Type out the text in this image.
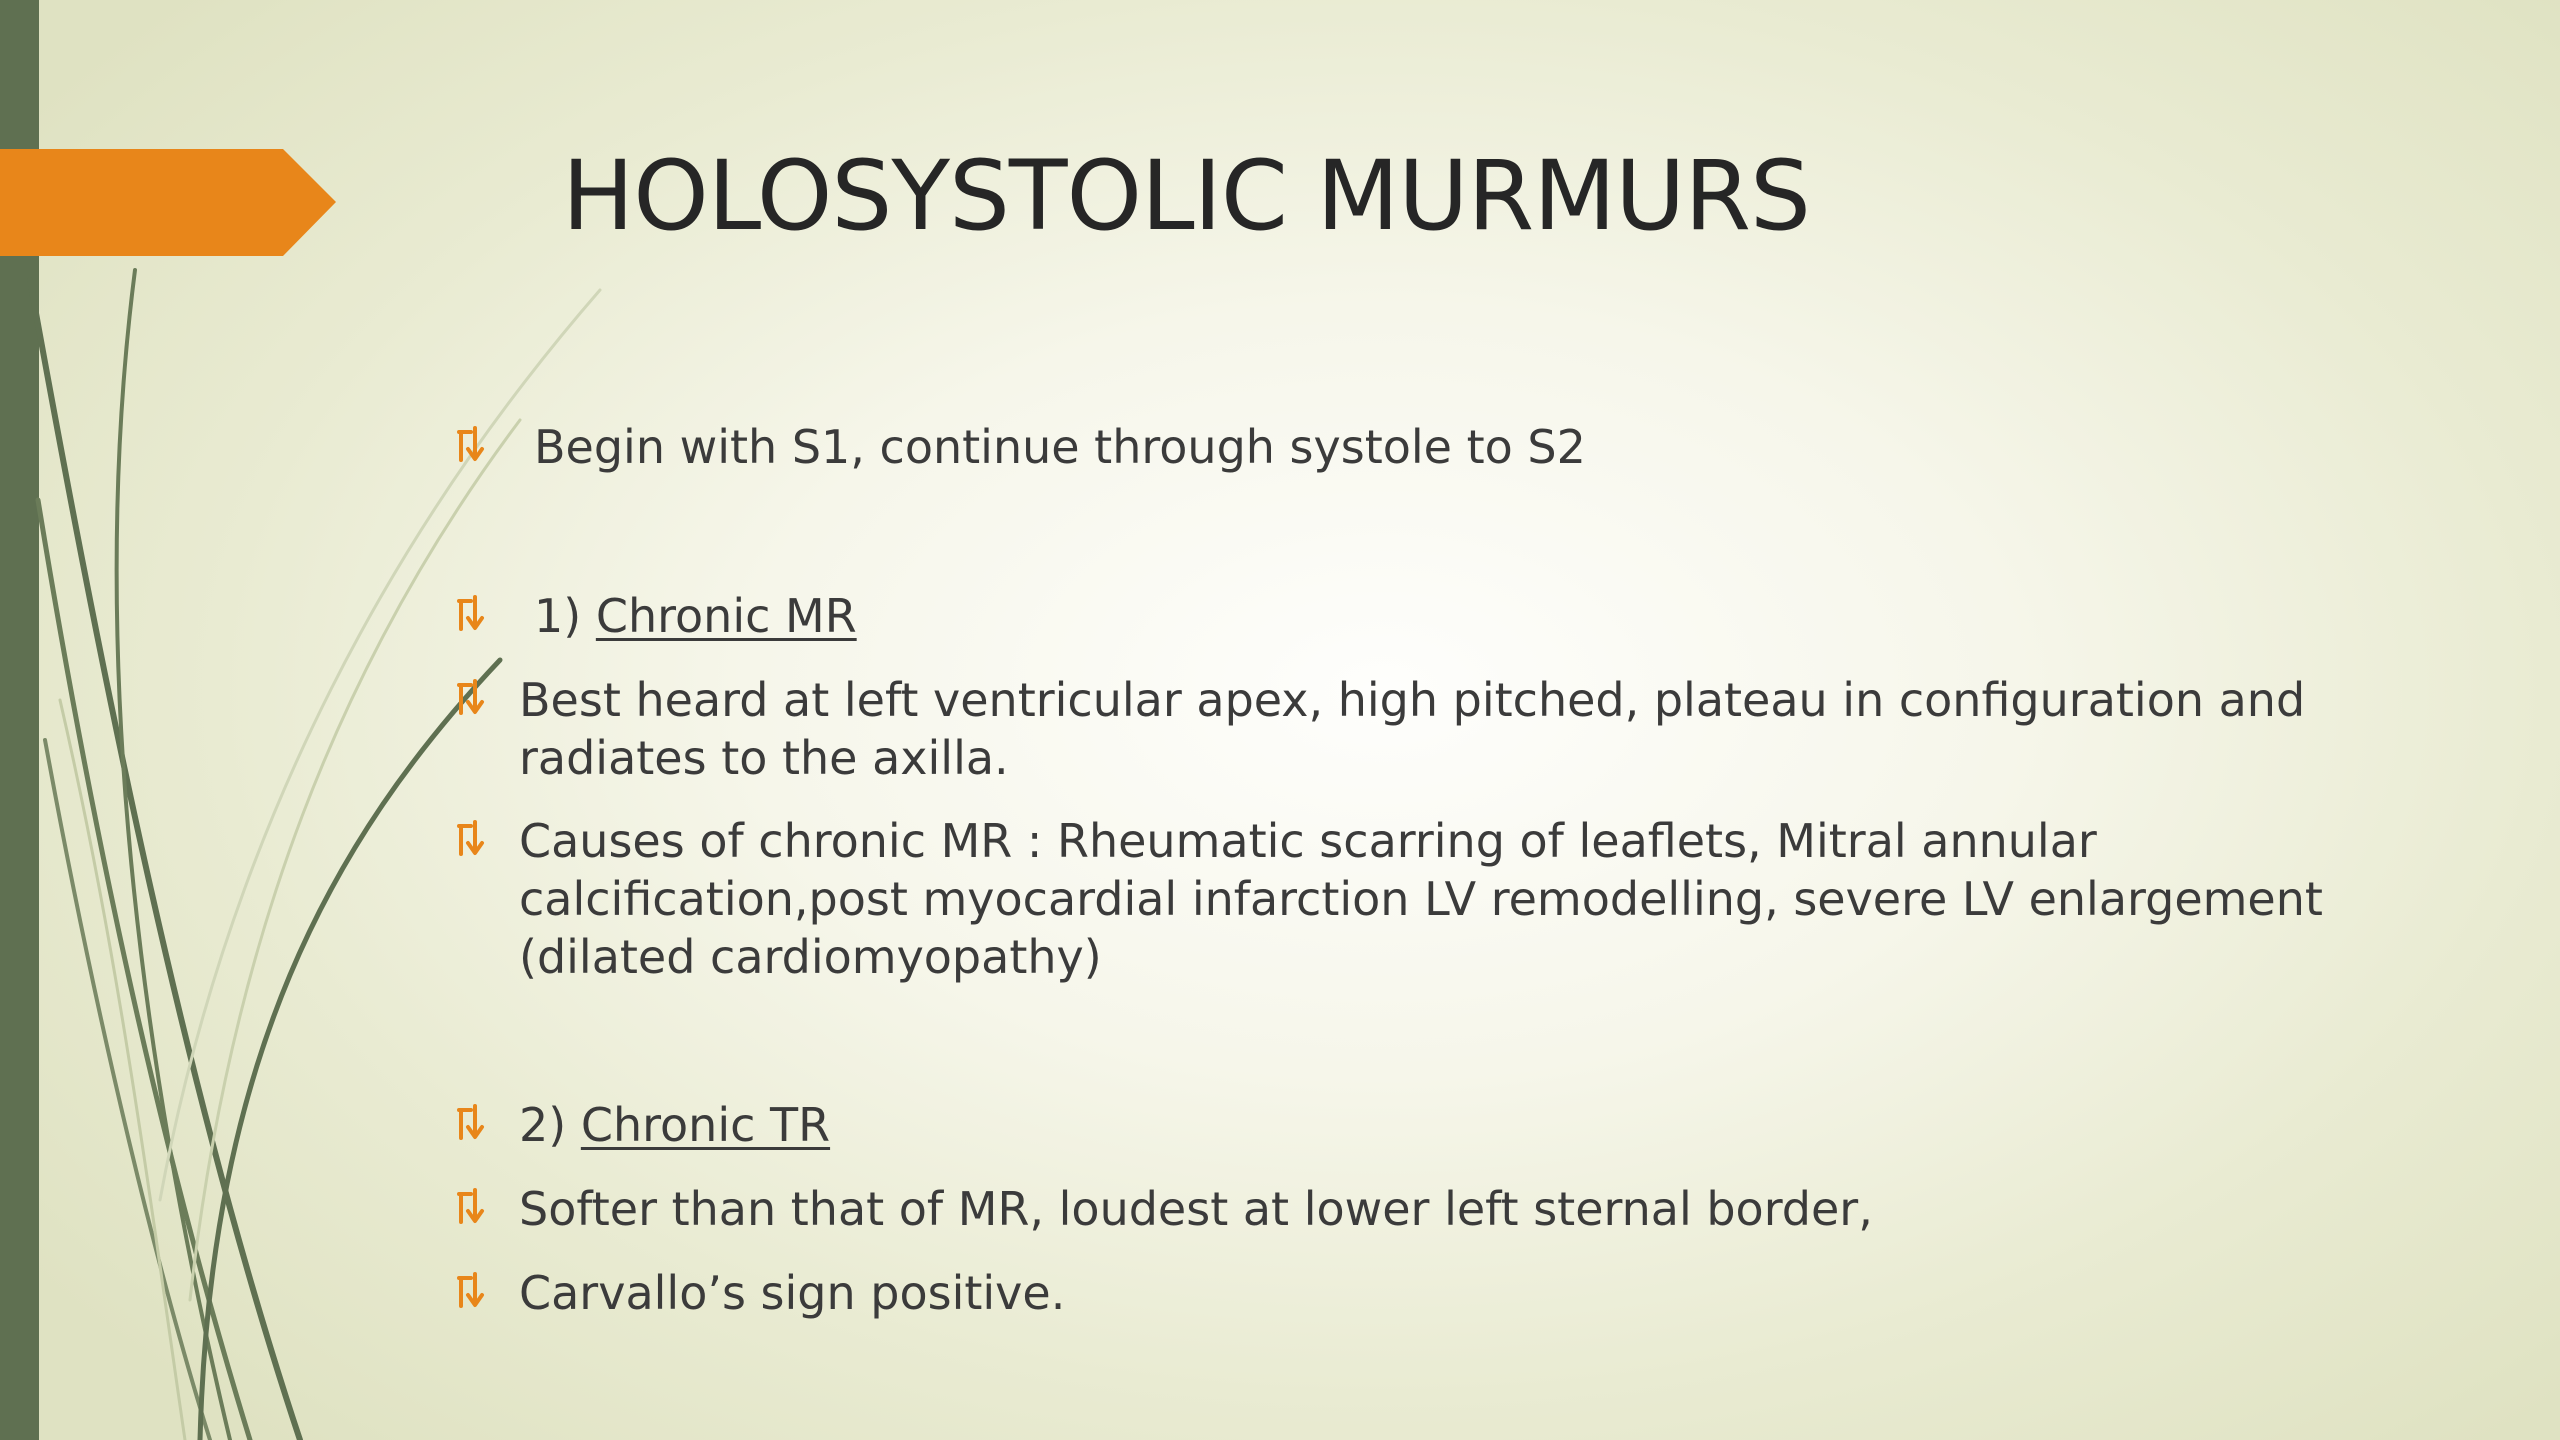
HOLOSYSTOLIC MURMURS
Begin with S1, continue through systole to S2
1) Chronic MR
Best heard at left ventricular apex, high pitched, plateau in configuration and radiates to the axilla.
Causes of chronic MR : Rheumatic scarring of leaflets, Mitral annular calcification,post myocardial infarction LV remodelling, severe LV enlargement (dilated cardiomyopathy)
2) Chronic TR
Softer than that of MR, loudest at lower left sternal border,
Carvallo’s sign positive.
